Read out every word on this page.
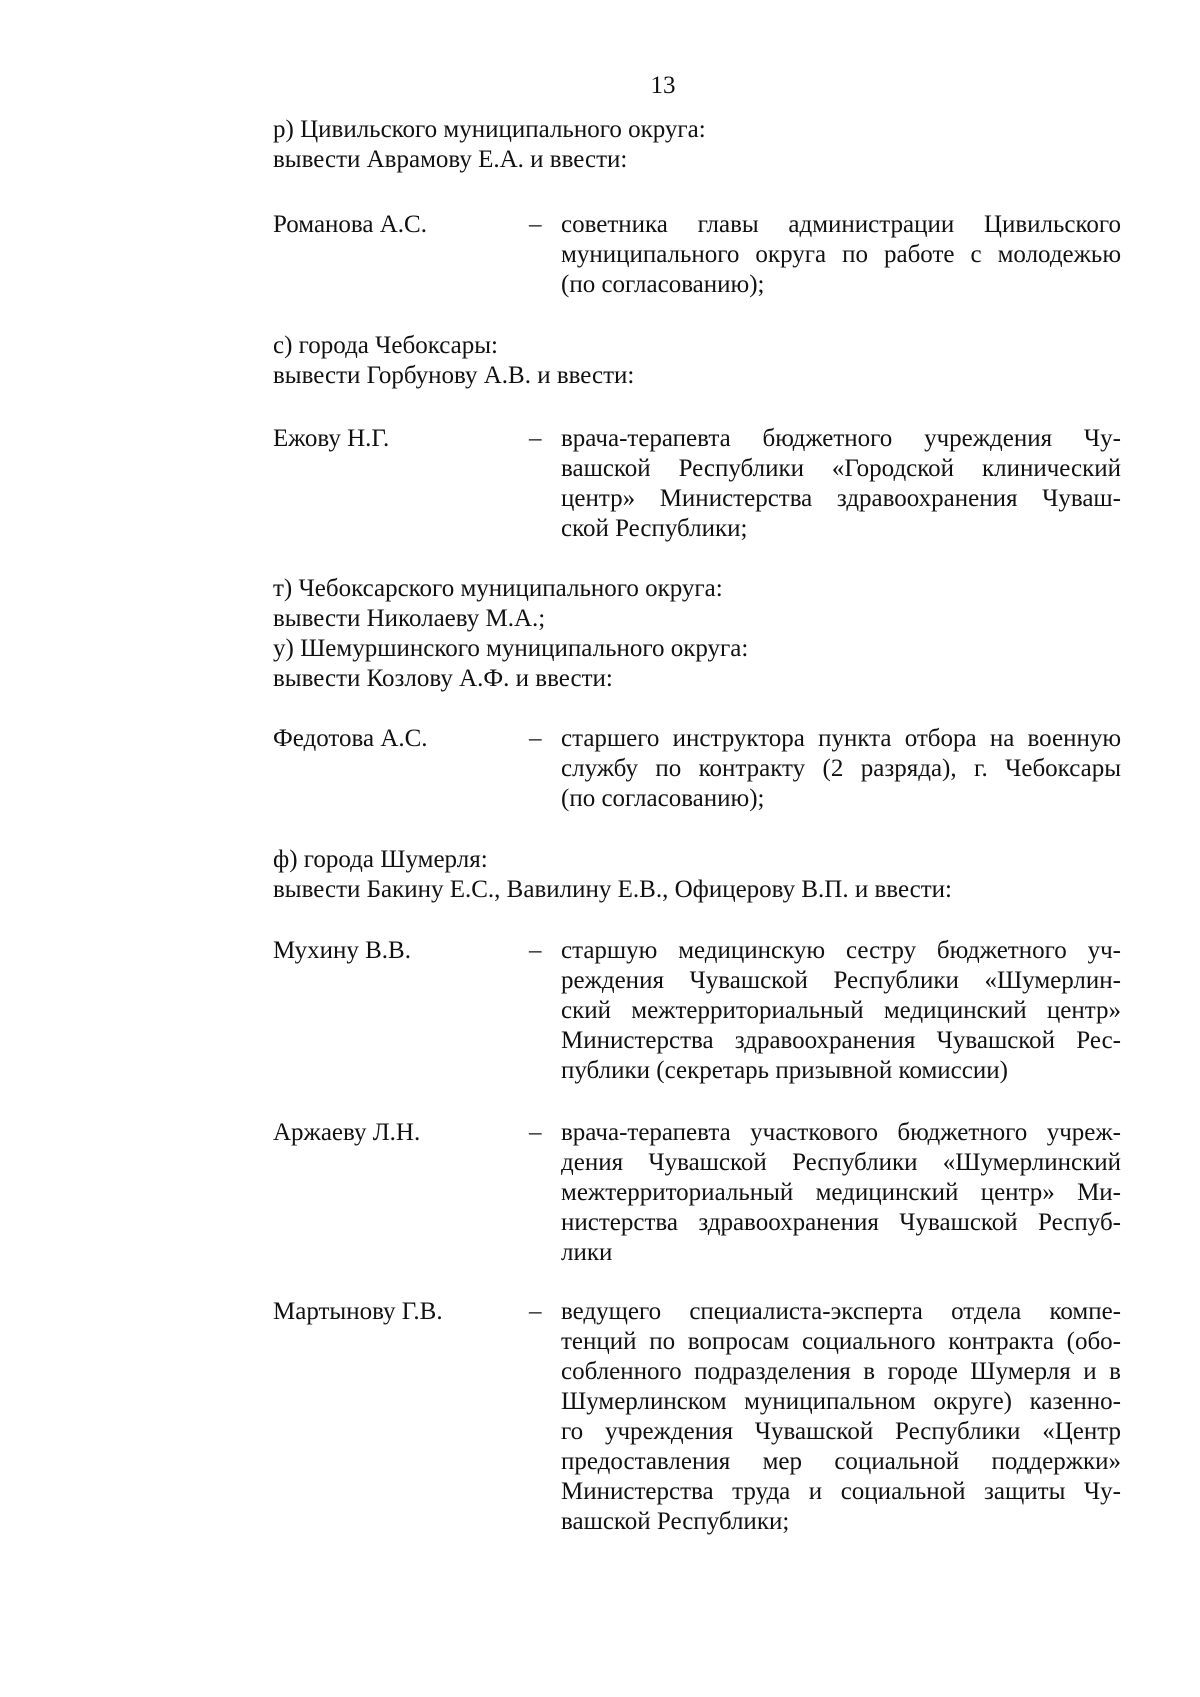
13
р) Цивильского муниципального округа:
вывести Аврамову Е.А. и ввести:
Романова А.С.	– советника главы администрации Цивильского
муниципального округа по работе с молодежью
(по согласованию);
с) города Чебоксары:
вывести Горбунову А.В. и ввести:
Ежову Н.Г.	– врача-терапевта бюджетного учреждения Чу-
вашской Республики «Городской клинический
центр» Министерства здравоохранения Чуваш-
ской Республики;
т) Чебоксарского муниципального округа:
вывести Николаеву М.А.;
у) Шемуршинского муниципального округа:
вывести Козлову А.Ф. и ввести:
Федотова А.С.	– старшего инструктора пункта отбора на военную
службу по контракту (2 разряда), г. Чебоксары
(по согласованию);
ф) города Шумерля:
вывести Бакину Е.С., Вавилину Е.В., Офицерову В.П. и ввести:
Мухину В.В.	– старшую медицинскую сестру бюджетного уч-
реждения Чувашской Республики «Шумерлин-
ский межтерриториальный медицинский центр»
Министерства здравоохранения Чувашской Рес-
публики (секретарь призывной комиссии)
Аржаеву Л.Н.	– врача-терапевта участкового бюджетного учреж-
дения Чувашской Республики «Шумерлинский
межтерриториальный медицинский центр» Ми-
нистерства здравоохранения Чувашской Респуб-
лики
Мартынову Г.В.	– ведущего специалиста-эксперта отдела компе-
тенций по вопросам социального контракта (обо-
собленного подразделения в городе Шумерля и в
Шумерлинском муниципальном округе) казенно-
го учреждения Чувашской Республики «Центр
предоставления мер социальной поддержки»
Министерства труда и социальной защиты Чу-
вашской Республики;
